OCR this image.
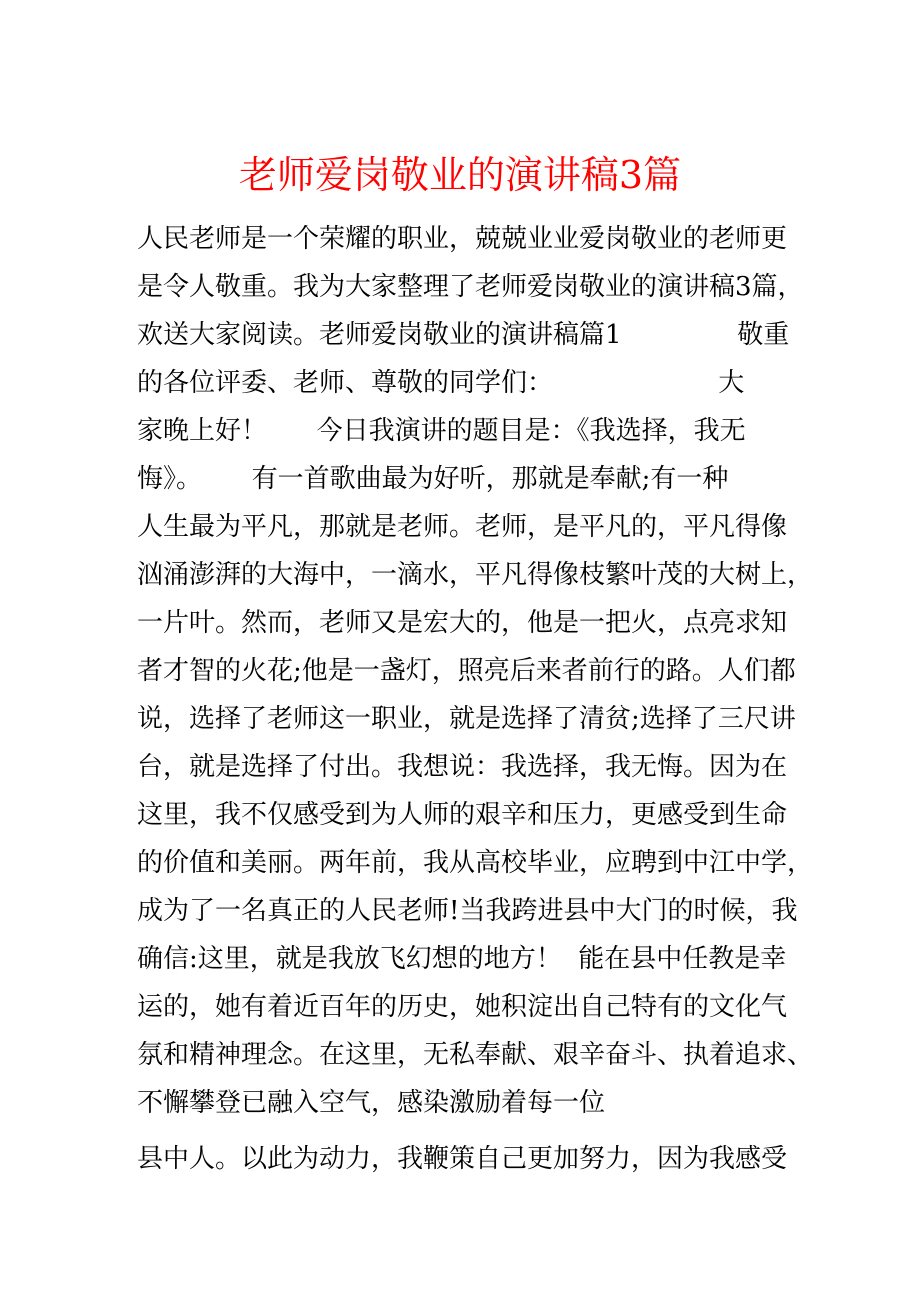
老师爱岗敬业的演讲稿3篇
人民老师是一个荣耀的职业，兢兢业业爱岗敬业的老师更
是令人敬重。我为大家整理了老师爱岗敬业的演讲稿3篇，
欢送大家阅读。老师爱岗敬业的演讲稿篇1              敬重
的各位评委、老师、尊敬的同学们：                    大
家晚上好！      今日我演讲的题目是：《我选择，我无
悔》。      有一首歌曲最为好听，那就是奉献;有一种
人生最为平凡，那就是老师。老师，是平凡的，平凡得像
汹涌澎湃的大海中，一滴水，平凡得像枝繁叶茂的大树上，
一片叶。然而，老师又是宏大的，他是一把火，点亮求知
者才智的火花;他是一盏灯，照亮后来者前行的路。人们都
说，选择了老师这一职业，就是选择了清贫;选择了三尺讲
台，就是选择了付出。我想说：我选择，我无悔。因为在
这里，我不仅感受到为人师的艰辛和压力，更感受到生命
的价值和美丽。两年前，我从高校毕业，应聘到中江中学，
成为了一名真正的人民老师!当我跨进县中大门的时候，我
确信:这里，就是我放飞幻想的地方！  能在县中任教是幸
运的，她有着近百年的历史，她积淀出自己特有的文化气
氛和精神理念。在这里，无私奉献、艰辛奋斗、执着追求、
不懈攀登已融入空气，感染激励着每一位
县中人。以此为动力，我鞭策自己更加努力，因为我感受
